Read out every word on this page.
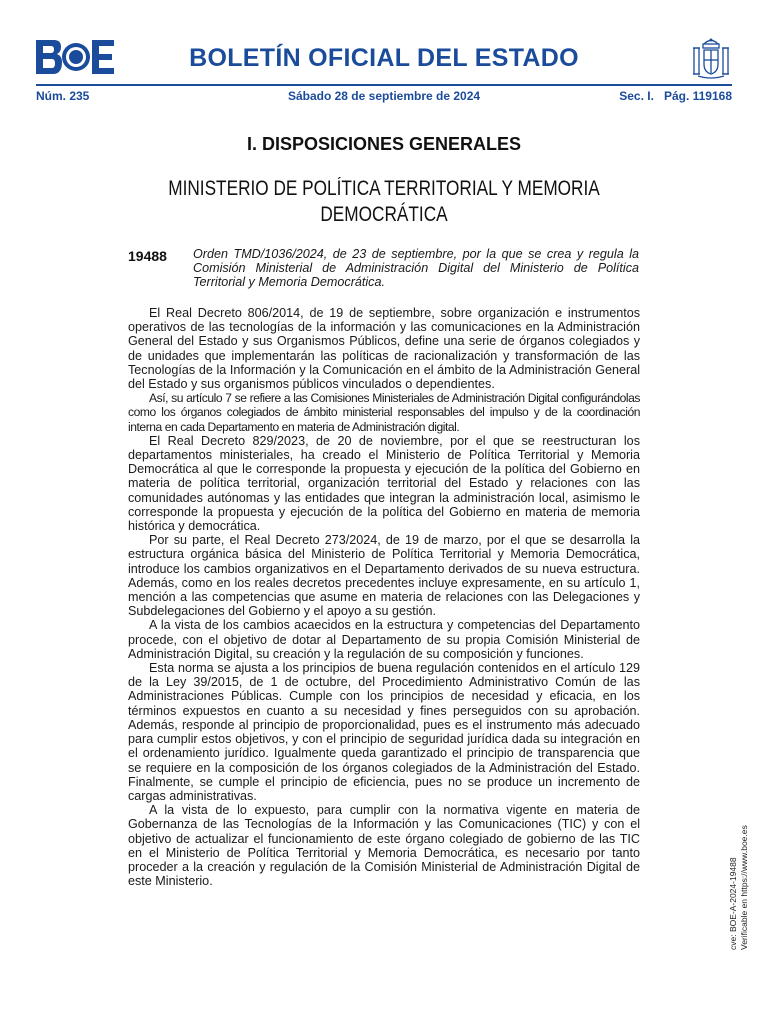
BOLETÍN OFICIAL DEL ESTADO
Núm. 235	Sábado 28 de septiembre de 2024	Sec. I. Pág. 119168
I. DISPOSICIONES GENERALES
MINISTERIO DE POLÍTICA TERRITORIAL Y MEMORIA DEMOCRÁTICA
19488 Orden TMD/1036/2024, de 23 de septiembre, por la que se crea y regula la Comisión Ministerial de Administración Digital del Ministerio de Política Territorial y Memoria Democrática.

El Real Decreto 806/2014, de 19 de septiembre, sobre organización e instrumentos operativos de las tecnologías de la información y las comunicaciones en la Administración General del Estado y sus Organismos Públicos, define una serie de órganos colegiados y de unidades que implementarán las políticas de racionalización y transformación de las Tecnologías de la Información y la Comunicación en el ámbito de la Administración General del Estado y sus organismos públicos vinculados o dependientes.

Así, su artículo 7 se refiere a las Comisiones Ministeriales de Administración Digital configurándolas como los órganos colegiados de ámbito ministerial responsables del impulso y de la coordinación interna en cada Departamento en materia de Administración digital.

El Real Decreto 829/2023, de 20 de noviembre, por el que se reestructuran los departamentos ministeriales, ha creado el Ministerio de Política Territorial y Memoria Democrática al que le corresponde la propuesta y ejecución de la política del Gobierno en materia de política territorial, organización territorial del Estado y relaciones con las comunidades autónomas y las entidades que integran la administración local, asimismo le corresponde la propuesta y ejecución de la política del Gobierno en materia de memoria histórica y democrática.

Por su parte, el Real Decreto 273/2024, de 19 de marzo, por el que se desarrolla la estructura orgánica básica del Ministerio de Política Territorial y Memoria Democrática, introduce los cambios organizativos en el Departamento derivados de su nueva estructura. Además, como en los reales decretos precedentes incluye expresamente, en su artículo 1, mención a las competencias que asume en materia de relaciones con las Delegaciones y Subdelegaciones del Gobierno y el apoyo a su gestión.

A la vista de los cambios acaecidos en la estructura y competencias del Departamento procede, con el objetivo de dotar al Departamento de su propia Comisión Ministerial de Administración Digital, su creación y la regulación de su composición y funciones.

Esta norma se ajusta a los principios de buena regulación contenidos en el artículo 129 de la Ley 39/2015, de 1 de octubre, del Procedimiento Administrativo Común de las Administraciones Públicas. Cumple con los principios de necesidad y eficacia, en los términos expuestos en cuanto a su necesidad y fines perseguidos con su aprobación. Además, responde al principio de proporcionalidad, pues es el instrumento más adecuado para cumplir estos objetivos, y con el principio de seguridad jurídica dada su integración en el ordenamiento jurídico. Igualmente queda garantizado el principio de transparencia que se requiere en la composición de los órganos colegiados de la Administración del Estado. Finalmente, se cumple el principio de eficiencia, pues no se produce un incremento de cargas administrativas.

A la vista de lo expuesto, para cumplir con la normativa vigente en materia de Gobernanza de las Tecnologías de la Información y las Comunicaciones (TIC) y con el objetivo de actualizar el funcionamiento de este órgano colegiado de gobierno de las TIC en el Ministerio de Política Territorial y Memoria Democrática, es necesario por tanto proceder a la creación y regulación de la Comisión Ministerial de Administración Digital de este Ministerio.	cve: BOE-A-2024-19488 Verificable en https://www.boe.es
